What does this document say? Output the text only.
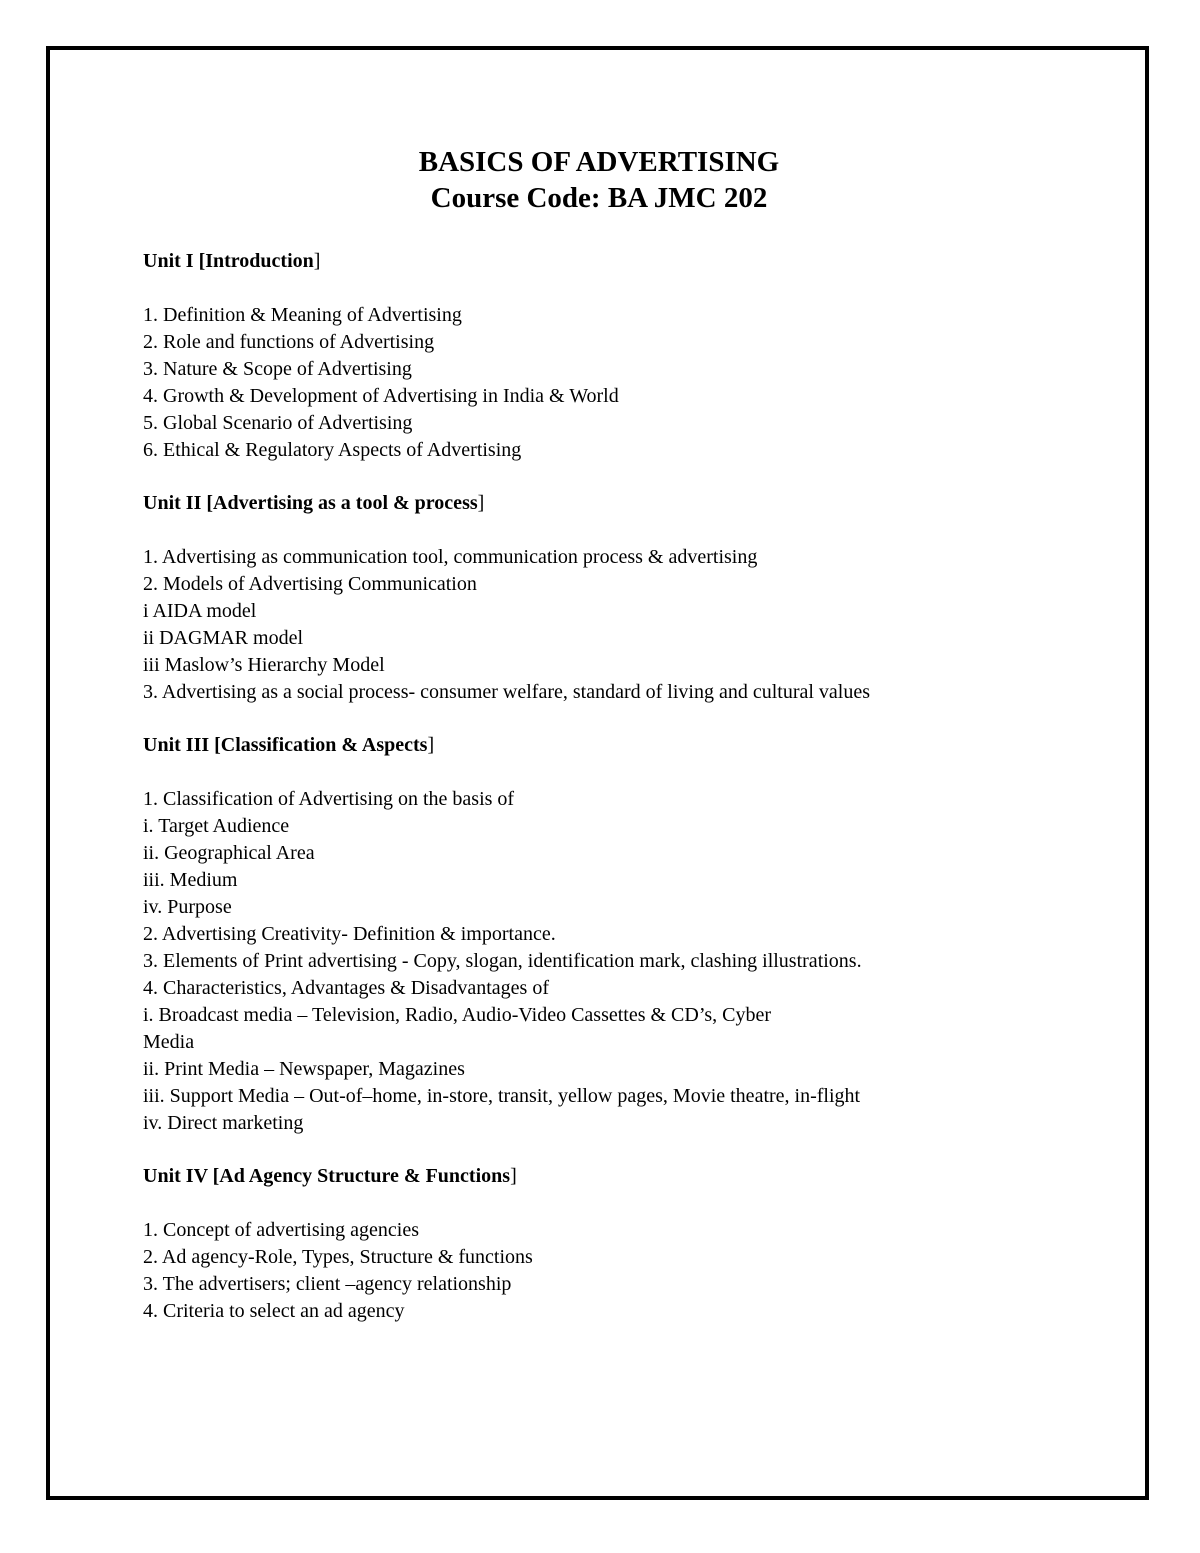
BASICS OF ADVERTISING
Course Code: BA JMC 202

Unit I [Introduction]

1. Definition & Meaning of Advertising
2. Role and functions of Advertising
3. Nature & Scope of Advertising
4. Growth & Development of Advertising in India & World
5. Global Scenario of Advertising
6. Ethical & Regulatory Aspects of Advertising

Unit II [Advertising as a tool & process]

1. Advertising as communication tool, communication process & advertising
2. Models of Advertising Communication
i AIDA model
ii DAGMAR model
iii Maslow’s Hierarchy Model
3. Advertising as a social process- consumer welfare, standard of living and cultural values

Unit III [Classification & Aspects]

1. Classification of Advertising on the basis of
i. Target Audience
ii. Geographical Area
iii. Medium
iv. Purpose
2. Advertising Creativity- Definition & importance.
3. Elements of Print advertising - Copy, slogan, identification mark, clashing illustrations.
4. Characteristics, Advantages & Disadvantages of
i. Broadcast media – Television, Radio, Audio-Video Cassettes & CD’s, Cyber
Media
ii. Print Media – Newspaper, Magazines
iii. Support Media – Out-of–home, in-store, transit, yellow pages, Movie theatre, in-flight
iv. Direct marketing

Unit IV [Ad Agency Structure & Functions]

1. Concept of advertising agencies
2. Ad agency-Role, Types, Structure & functions
3. The advertisers; client –agency relationship
4. Criteria to select an ad agency
